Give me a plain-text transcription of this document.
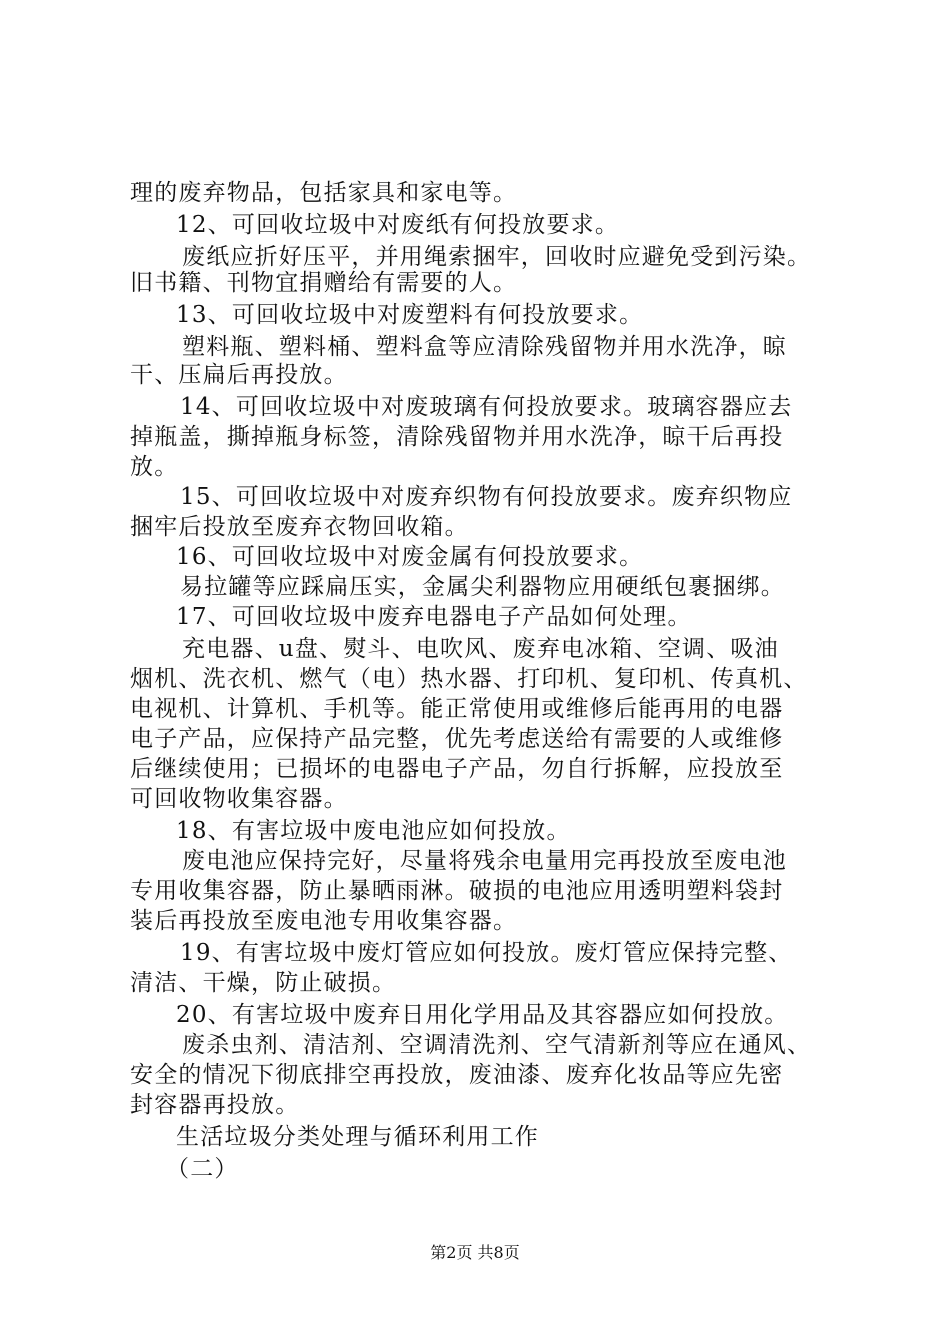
理的废弃物品，包括家具和家电等。
12、可回收垃圾中对废纸有何投放要求。
废纸应折好压平，并用绳索捆牢，回收时应避免受到污染。
旧书籍、刊物宜捐赠给有需要的人。
13、可回收垃圾中对废塑料有何投放要求。
塑料瓶、塑料桶、塑料盒等应清除残留物并用水洗净，晾
干、压扁后再投放。
14、可回收垃圾中对废玻璃有何投放要求。玻璃容器应去
掉瓶盖，撕掉瓶身标签，清除残留物并用水洗净，晾干后再投
放。
15、可回收垃圾中对废弃织物有何投放要求。废弃织物应
捆牢后投放至废弃衣物回收箱。
16、可回收垃圾中对废金属有何投放要求。
易拉罐等应踩扁压实，金属尖利器物应用硬纸包裹捆绑。
17、可回收垃圾中废弃电器电子产品如何处理。
充电器、u盘、熨斗、电吹风、废弃电冰箱、空调、吸油
烟机、洗衣机、燃气（电）热水器、打印机、复印机、传真机、
电视机、计算机、手机等。能正常使用或维修后能再用的电器
电子产品，应保持产品完整，优先考虑送给有需要的人或维修
后继续使用；已损坏的电器电子产品，勿自行拆解，应投放至
可回收物收集容器。
18、有害垃圾中废电池应如何投放。
废电池应保持完好，尽量将残余电量用完再投放至废电池
专用收集容器，防止暴晒雨淋。破损的电池应用透明塑料袋封
装后再投放至废电池专用收集容器。
19、有害垃圾中废灯管应如何投放。废灯管应保持完整、
清洁、干燥，防止破损。
20、有害垃圾中废弃日用化学用品及其容器应如何投放。
废杀虫剂、清洁剂、空调清洗剂、空气清新剂等应在通风、
安全的情况下彻底排空再投放，废油漆、废弃化妆品等应先密
封容器再投放。
生活垃圾分类处理与循环利用工作
（二）
第2页 共8页
